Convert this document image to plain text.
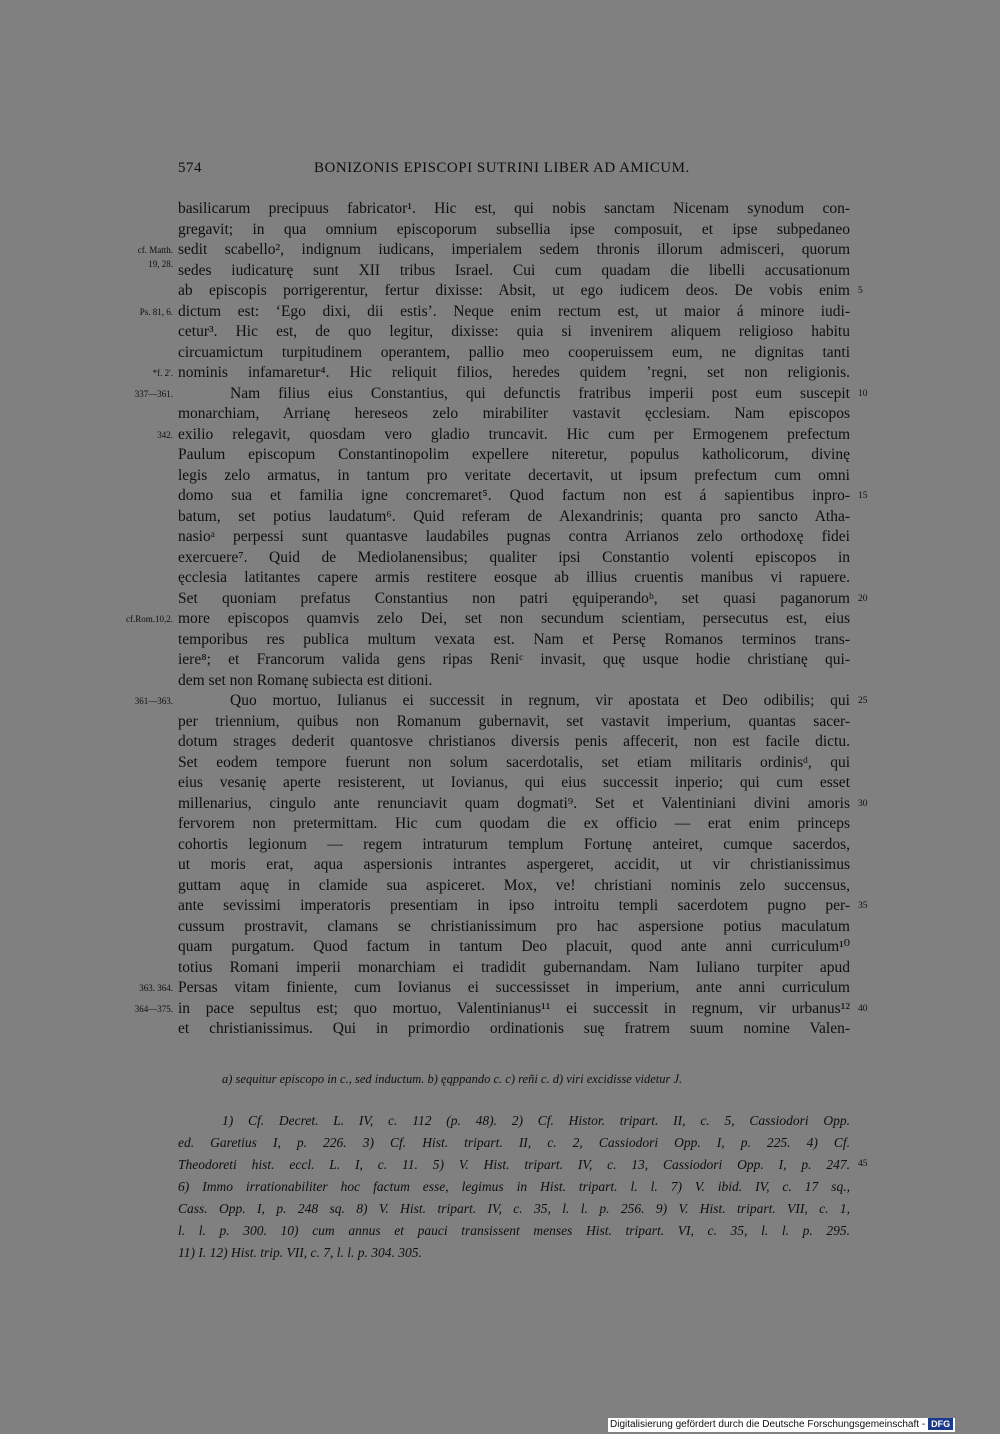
574	BONIZONIS EPISCOPI SUTRINI LIBER AD AMICUM.
basilicarum precipuus fabricator¹. Hic est, qui nobis sanctam Nicenam synodum con-
gregavit; in qua omnium episcoporum subsellia ipse composuit, et ipse subpedaneo
sedit scabello², indignum iudicans, imperialem sedem thronis illorum admisceri, quorum
sedes iudicaturę sunt XII tribus Israel. Cui cum quadam die libelli accusationum
ab episcopis porrigerentur, fertur dixisse: Absit, ut ego iudicem deos. De vobis enim
dictum est: ‘Ego dixi, dii estis’. Neque enim rectum est, ut maior á minore iudi-
cetur³. Hic est, de quo legitur, dixisse: quia si invenirem aliquem religioso habitu
circuamictum turpitudinem operantem, pallio meo cooperuissem eum, ne dignitas tanti
nominis infamaretur⁴. Hic reliquit filios, heredes quidem ʼregni, set non religionis.
Nam filius eius Constantius, qui defunctis fratribus imperii post eum suscepit
monarchiam, Arrianę hereseos zelo mirabiliter vastavit ęcclesiam. Nam episcopos
exilio relegavit, quosdam vero gladio truncavit. Hic cum per Ermogenem prefectum
Paulum episcopum Constantinopolim expellere niteretur, populus katholicorum, divinę
legis zelo armatus, in tantum pro veritate decertavit, ut ipsum prefectum cum omni
domo sua et familia igne concremaret⁵. Quod factum non est á sapientibus inpro-
batum, set potius laudatum⁶. Quid referam de Alexandrinis; quanta pro sancto Atha-
nasioᵃ perpessi sunt quantasve laudabiles pugnas contra Arrianos zelo orthodoxę fidei
exercuere⁷. Quid de Mediolanensibus; qualiter ipsi Constantio volenti episcopos in
ęcclesia latitantes capere armis restitere eosque ab illius cruentis manibus vi rapuere.
Set quoniam prefatus Constantius non patri ęquiperandoᵇ, set quasi paganorum
more episcopos quamvis zelo Dei, set non secundum scientiam, persecutus est, eius
temporibus res publica multum vexata est. Nam et Persę Romanos terminos trans-
iere⁸; et Francorum valida gens ripas Reniᶜ invasit, quę usque hodie christianę qui-
dem set non Romanę subiecta est ditioni.
Quo mortuo, Iulianus ei successit in regnum, vir apostata et Deo odibilis; qui
per triennium, quibus non Romanum gubernavit, set vastavit imperium, quantas sacer-
dotum strages dederit quantosve christianos diversis penis affecerit, non est facile dictu.
Set eodem tempore fuerunt non solum sacerdotalis, set etiam militaris ordinisᵈ, qui
eius vesanię aperte resisterent, ut Iovianus, qui eius successit inperio; qui cum esset
millenarius, cingulo ante renunciavit quam dogmati⁹. Set et Valentiniani divini amoris
fervorem non pretermittam. Hic cum quodam die ex officio — erat enim princeps
cohortis legionum — regem intraturum templum Fortunę anteiret, cumque sacerdos,
ut moris erat, aqua aspersionis intrantes aspergeret, accidit, ut vir christianissimus
guttam aquę in clamide sua aspiceret. Mox, ve! christiani nominis zelo succensus,
ante sevissimi imperatoris presentiam in ipso introitu templi sacerdotem pugno per-
cussum prostravit, clamans se christianissimum pro hac aspersione potius maculatum
quam purgatum. Quod factum in tantum Deo placuit, quod ante anni curriculum¹⁰
totius Romani imperii monarchiam ei tradidit gubernandam. Nam Iuliano turpiter apud
Persas vitam finiente, cum Iovianus ei successisset in imperium, ante anni curriculum
in pace sepultus est; quo mortuo, Valentinianus¹¹ ei successit in regnum, vir urbanus¹²
et christianissimus. Qui in primordio ordinationis suę fratrem suum nomine Valen-
cf. Matth.
19, 28.
Ps. 81, 6.
*f. 2'.
337—361.
342.
cf.Rom.10,2.
361—363.
363. 364.
364—375.
5
10
15
20
25
30
35
40
45
a) sequitur episcopo in c., sed inductum. b) ęqppando c. c) reñi c. d) viri excidisse videtur J.
1) Cf. Decret. L. IV, c. 112 (p. 48). 2) Cf. Histor. tripart. II, c. 5, Cassiodori Opp.
ed. Garetius I, p. 226. 3) Cf. Hist. tripart. II, c. 2, Cassiodori Opp. I, p. 225. 4) Cf.
Theodoreti hist. eccl. L. I, c. 11. 5) V. Hist. tripart. IV, c. 13, Cassiodori Opp. I, p. 247.
6) Immo irrationabiliter hoc factum esse, legimus in Hist. tripart. l. l. 7) V. ibid. IV, c. 17 sq.,
Cass. Opp. I, p. 248 sq. 8) V. Hist. tripart. IV, c. 35, l. l. p. 256. 9) V. Hist. tripart. VII, c. 1,
l. l. p. 300. 10) cum annus et pauci transissent menses Hist. tripart. VI, c. 35, l. l. p. 295.
11) I. 12) Hist. trip. VII, c. 7, l. l. p. 304. 305.
Digitalisierung gefördert durch die Deutsche Forschungsgemeinschaft - DFG
